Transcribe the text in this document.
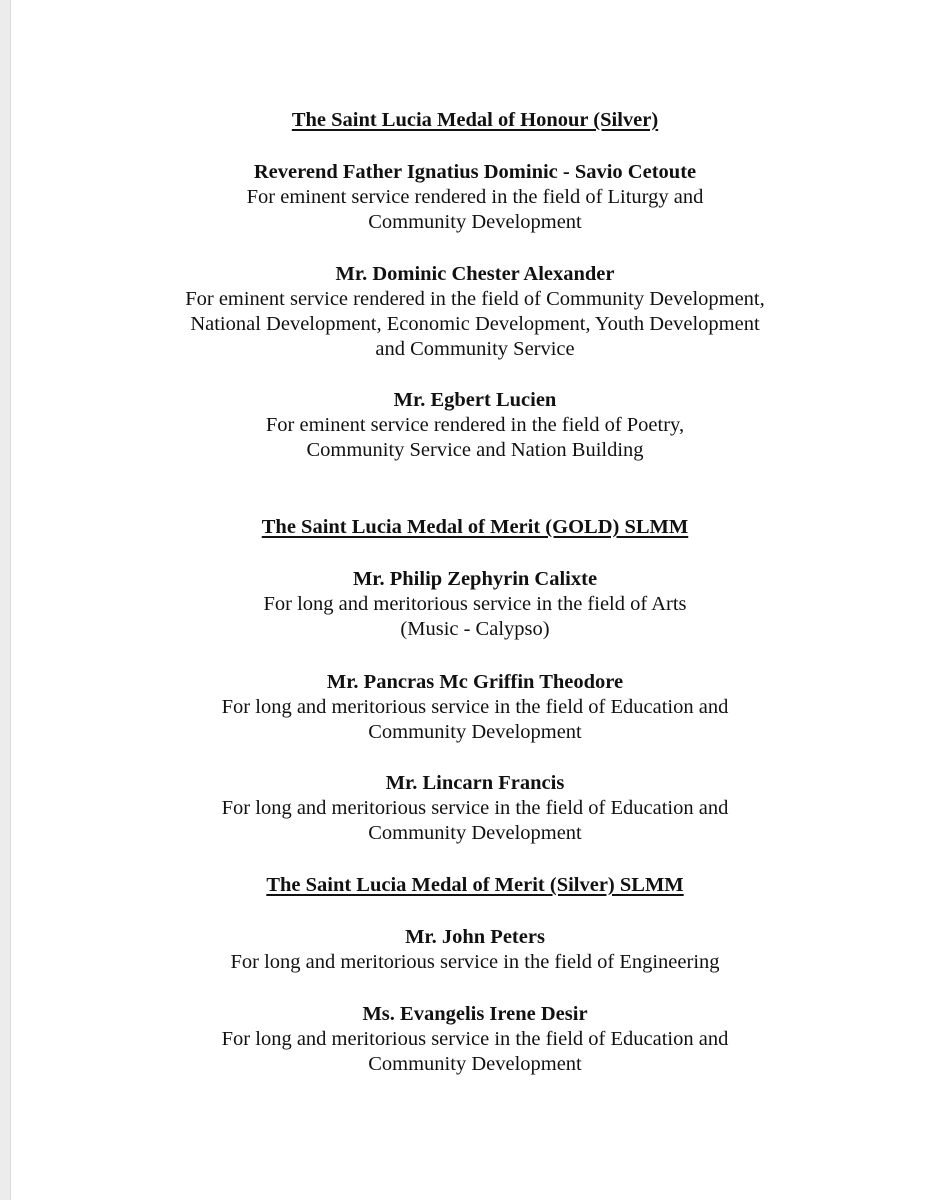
The Saint Lucia Medal of Honour (Silver)
Reverend Father Ignatius Dominic - Savio Cetoute
For eminent service rendered in the field of Liturgy and
Community Development
Mr. Dominic Chester Alexander
For eminent service rendered in the field of Community Development,
National Development, Economic Development, Youth Development
and Community Service
Mr. Egbert Lucien
For eminent service rendered in the field of Poetry,
Community Service and Nation Building
The Saint Lucia Medal of Merit (GOLD) SLMM
Mr. Philip Zephyrin Calixte
For long and meritorious service in the field of Arts
(Music - Calypso)
Mr. Pancras Mc Griffin Theodore
For long and meritorious service in the field of Education and
Community Development
Mr. Lincarn Francis
For long and meritorious service in the field of Education and
Community Development
The Saint Lucia Medal of Merit (Silver) SLMM
Mr. John Peters
For long and meritorious service in the field of Engineering
Ms. Evangelis Irene Desir
For long and meritorious service in the field of Education and
Community Development
